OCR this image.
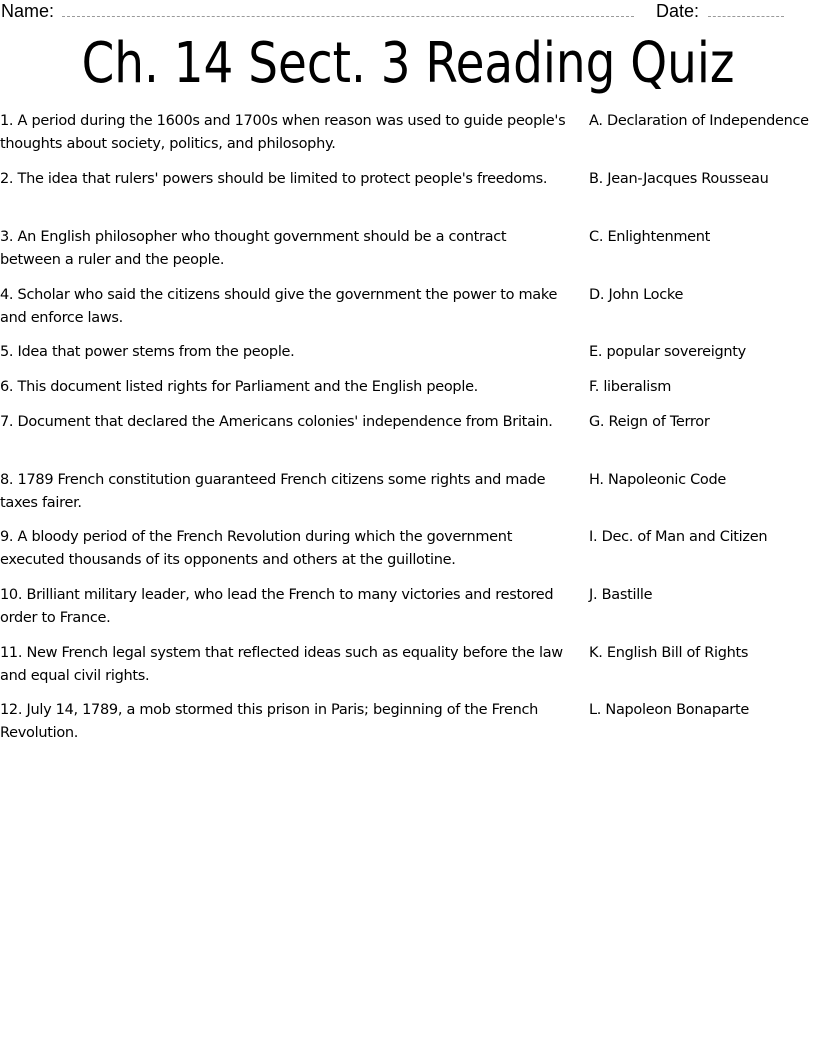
Name:	Date:
Ch. 14 Sect. 3 Reading Quiz
1. A period during the 1600s and 1700s when reason was used to guide people's thoughts about society, politics, and philosophy.
2. The idea that rulers' powers should be limited to protect people's freedoms.
3. An English philosopher who thought government should be a contract between a ruler and the people.
4. Scholar who said the citizens should give the government the power to make and enforce laws.
5. Idea that power stems from the people.
6. This document listed rights for Parliament and the English people.
7. Document that declared the Americans colonies' independence from Britain.
8. 1789 French constitution guaranteed French citizens some rights and made taxes fairer.
9. A bloody period of the French Revolution during which the government executed thousands of its opponents and others at the guillotine.
10. Brilliant military leader, who lead the French to many victories and restored order to France.
11. New French legal system that reflected ideas such as equality before the law and equal civil rights.
12. July 14, 1789, a mob stormed this prison in Paris; beginning of the French Revolution.
A. Declaration of Independence
B. Jean-Jacques Rousseau
C. Enlightenment
D. John Locke
E. popular sovereignty
F. liberalism
G. Reign of Terror
H. Napoleonic Code
I. Dec. of Man and Citizen
J. Bastille
K. English Bill of Rights
L. Napoleon Bonaparte
